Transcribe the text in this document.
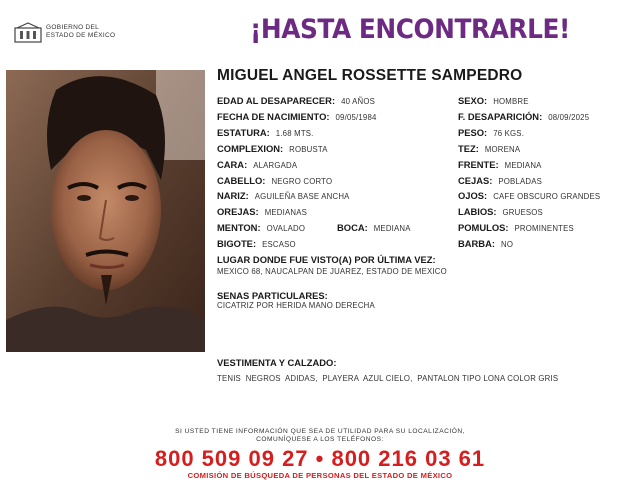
GOBIERNO DEL
ESTADO DE MÉXICO	¡HASTA ENCONTRARLE!
MIGUEL ANGEL ROSSETTE SAMPEDRO
EDAD AL DESAPARECER: 40 AÑOS
FECHA DE NACIMIENTO: 09/05/1984
ESTATURA: 1.68 MTS.
COMPLEXION: ROBUSTA
CARA: ALARGADA
CABELLO: NEGRO CORTO
NARIZ: AGUILEÑA BASE ANCHA
OREJAS: MEDIANAS
MENTON: OVALADO
BIGOTE: ESCASO
SEXO: HOMBRE
F. DESAPARICIÓN: 08/09/2025
PESO: 76 KGS.
TEZ: MORENA
FRENTE: MEDIANA
CEJAS: POBLADAS
OJOS: CAFE OBSCURO GRANDES
LABIOS: GRUESOS
POMULOS: PROMINENTES
BARBA: NO
BOCA: MEDIANA
LUGAR DONDE FUE VISTO(A) POR ÚLTIMA VEZ:
MEXICO 68, NAUCALPAN DE JUAREZ, ESTADO DE MEXICO
SENAS PARTICULARES:
CICATRIZ POR HERIDA MANO DERECHA
VESTIMENTA Y CALZADO:
TENIS  NEGROS  ADIDAS,  PLAYERA  AZUL CIELO,  PANTALON TIPO LONA COLOR GRIS
SI USTED TIENE INFORMACIÓN QUE SEA DE UTILIDAD PARA SU LOCALIZACIÓN,
COMUNÍQUESE A LOS TELÉFONOS:
800 509 09 27 • 800 216 03 61
COMISIÓN DE BÚSQUEDA DE PERSONAS DEL ESTADO DE MÉXICO
